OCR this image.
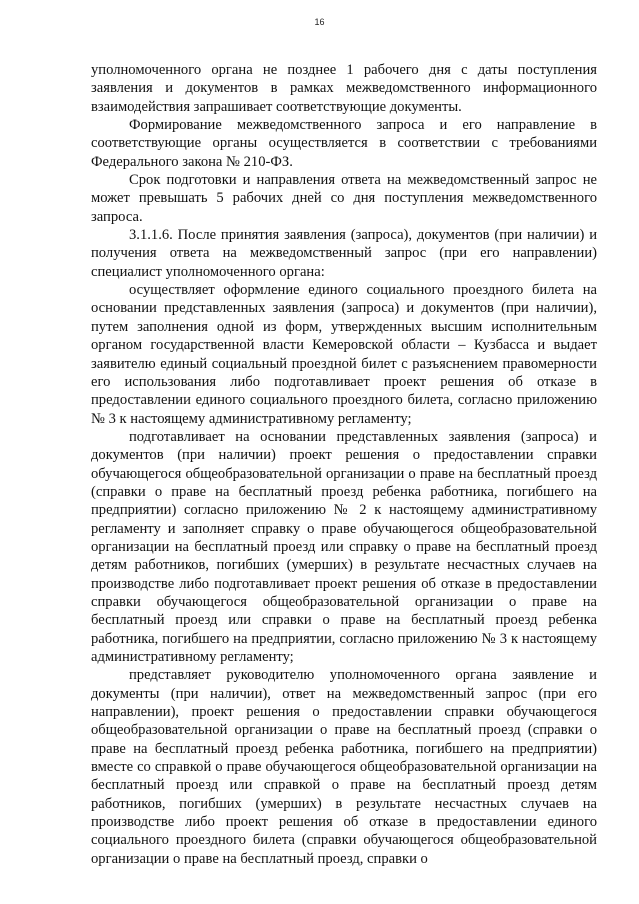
16

уполномоченного органа не позднее 1 рабочего дня с даты поступления заявления и документов в рамках межведомственного информационного взаимодействия запрашивает соответствующие документы.

Формирование межведомственного запроса и его направление в соответствующие органы осуществляется в соответствии с требованиями Федерального закона № 210-ФЗ.

Срок подготовки и направления ответа на межведомственный запрос не может превышать 5 рабочих дней со дня поступления межведомственного запроса.

3.1.1.6. После принятия заявления (запроса), документов (при наличии) и получения ответа на межведомственный запрос (при его направлении) специалист уполномоченного органа:

осуществляет оформление единого социального проездного билета на основании представленных заявления (запроса) и документов (при наличии), путем заполнения одной из форм, утвержденных высшим исполнительным органом государственной власти Кемеровской области – Кузбасса и выдает заявителю единый социальный проездной билет с разъяснением правомерности его использования либо подготавливает проект решения об отказе в предоставлении единого социального проездного билета, согласно приложению № 3 к настоящему административному регламенту;

подготавливает на основании представленных заявления (запроса) и документов (при наличии) проект решения о предоставлении справки обучающегося общеобразовательной организации о праве на бесплатный проезд (справки о праве на бесплатный проезд ребенка работника, погибшего на предприятии) согласно приложению № 2 к настоящему административному регламенту и заполняет справку о праве обучающегося общеобразовательной организации на бесплатный проезд или справку о праве на бесплатный проезд детям работников, погибших (умерших) в результате несчастных случаев на производстве либо подготавливает проект решения об отказе в предоставлении справки обучающегося общеобразовательной организации о праве на бесплатный проезд или справки о праве на бесплатный проезд ребенка работника, погибшего на предприятии, согласно приложению № 3 к настоящему административному регламенту;

представляет руководителю уполномоченного органа заявление и документы (при наличии), ответ на межведомственный запрос (при его направлении), проект решения о предоставлении справки обучающегося общеобразовательной организации о праве на бесплатный проезд (справки о праве на бесплатный проезд ребенка работника, погибшего на предприятии) вместе со справкой о праве обучающегося общеобразовательной организации на бесплатный проезд или справкой о праве на бесплатный проезд детям работников, погибших (умерших) в результате несчастных случаев на производстве либо проект решения об отказе в предоставлении единого социального проездного билета (справки обучающегося общеобразовательной организации о праве на бесплатный проезд, справки о
